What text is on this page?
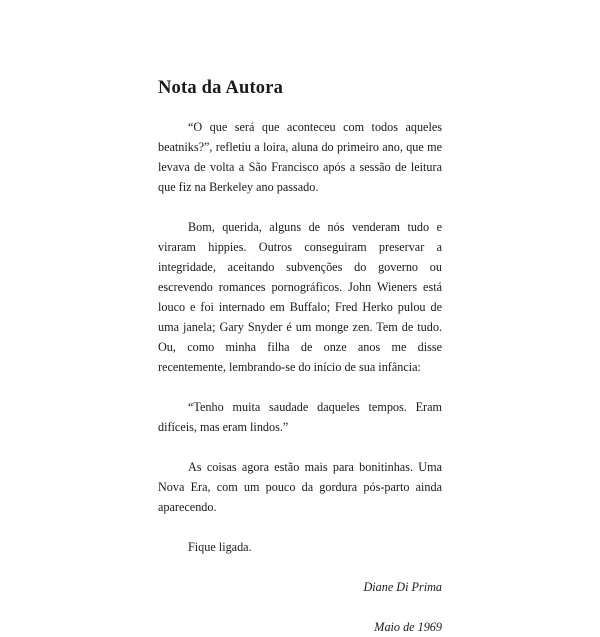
Nota da Autora

“O que será que aconteceu com todos aqueles beatniks?”, refletiu a loira, aluna do primeiro ano, que me levava de volta a São Francisco após a sessão de leitura que fiz na Berkeley ano passado.

Bom, querida, alguns de nós venderam tudo e viraram hippies. Outros conseguiram preservar a integridade, aceitando subvenções do governo ou escrevendo romances pornográficos. John Wieners está louco e foi internado em Buffalo; Fred Herko pulou de uma janela; Gary Snyder é um monge zen. Tem de tudo. Ou, como minha filha de onze anos me disse recentemente, lembrando-se do início de sua infância:

“Tenho muita saudade daqueles tempos. Eram difíceis, mas eram lindos.”

As coisas agora estão mais para bonitinhas. Uma Nova Era, com um pouco da gordura pós-parto ainda aparecendo.

Fique ligada.

Diane Di Prima

Maio de 1969
